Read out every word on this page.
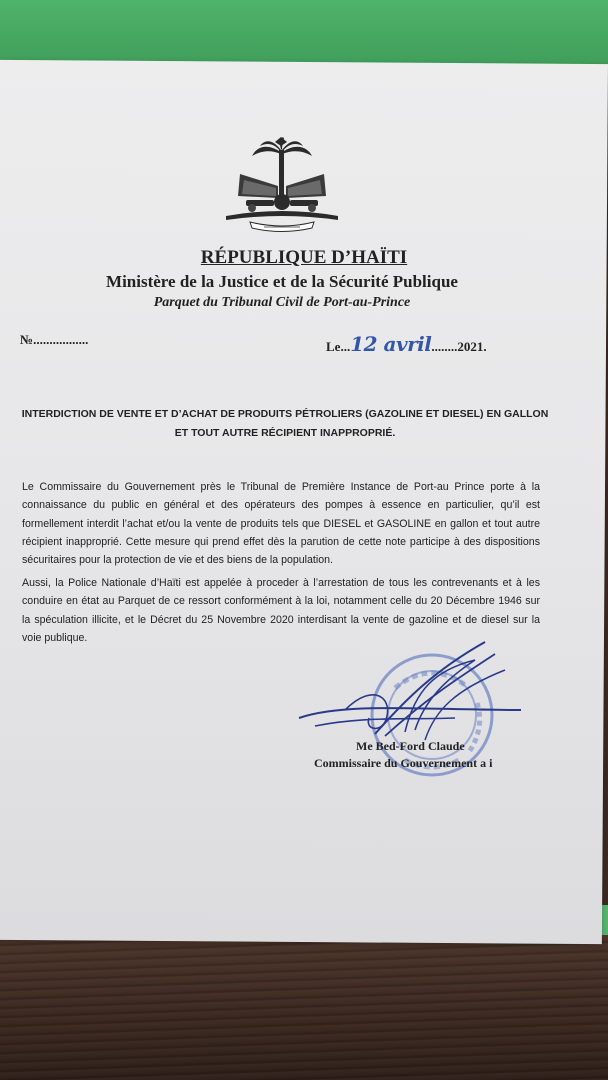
RÉPUBLIQUE D’HAÏTI
Ministère de la Justice et de la Sécurité Publique
Parquet du Tribunal Civil de Port-au-Prince
№.................	Le...12 avril........2021.
INTERDICTION DE VENTE ET D’ACHAT DE PRODUITS PÉTROLIERS (GAZOLINE ET DIESEL) EN GALLON ET TOUT AUTRE RÉCIPIENT INAPPROPRIÉ.
Le Commissaire du Gouvernement près le Tribunal de Première Instance de Port-au Prince porte à la connaissance du public en général et des opérateurs des pompes à essence en particulier, qu’il est formellement interdit l’achat et/ou la vente de produits tels que DIESEL et GASOLINE en gallon et tout autre récipient inapproprié. Cette mesure qui prend effet dès la parution de cette note participe à des dispositions sécuritaires pour la protection de vie et des biens de la population.
Aussi, la Police Nationale d’Haïti est appelée à proceder à l’arrestation de tous les contrevenants et à les conduire en état au Parquet de ce ressort conformément à la loi, notamment celle du 20 Décembre 1946 sur la spéculation illicite, et le Décret du 25 Novembre 2020 interdisant la vente de gazoline et de diesel sur la voie publique.
Me Bed-Ford Claude
Commissaire du Gouvernement a i
